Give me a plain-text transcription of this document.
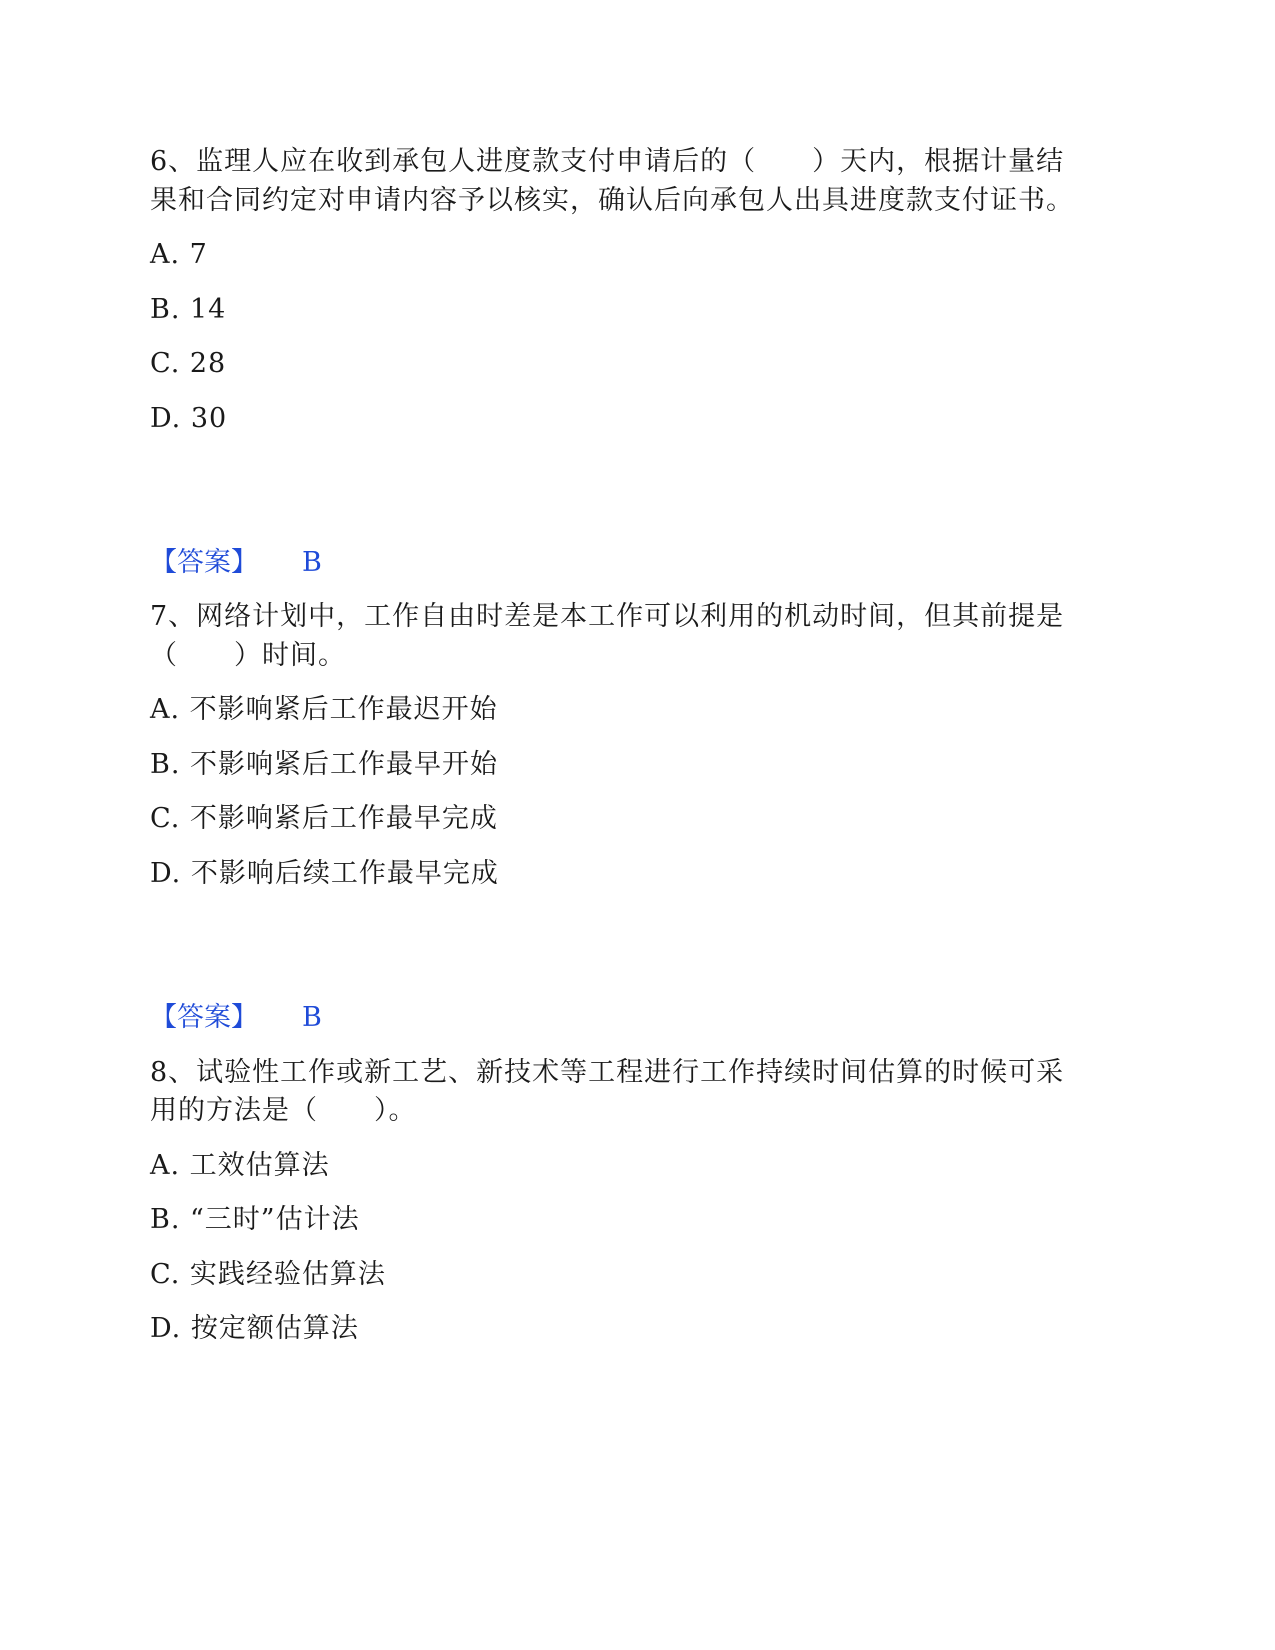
6、监理人应在收到承包人进度款支付申请后的（　　）天内，根据计量结
果和合同约定对申请内容予以核实，确认后向承包人出具进度款支付证书。
A. 7
B. 14
C. 28
D. 30
【答案】 B
7、网络计划中，工作自由时差是本工作可以利用的机动时间，但其前提是
（　　）时间。
A. 不影响紧后工作最迟开始
B. 不影响紧后工作最早开始
C. 不影响紧后工作最早完成
D. 不影响后续工作最早完成
【答案】 B
8、试验性工作或新工艺、新技术等工程进行工作持续时间估算的时候可采
用的方法是（　　）。
A. 工效估算法
B. “三时”估计法
C. 实践经验估算法
D. 按定额估算法
